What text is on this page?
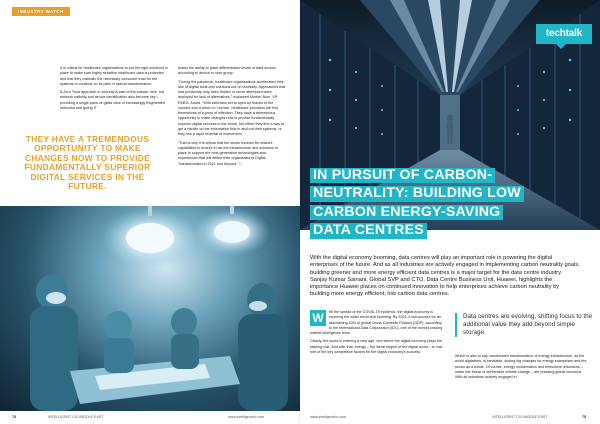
INDUSTRY WATCH

It is critical for healthcare organisations to put the right solutions in place to make sure highly sensitive healthcare data is protected and that they maintain the necessary consumer trust for the systems to continue on its path of radical transformation.

A Zero Trust approach to security is part of the answer here, but network visibility and device identification also become key – providing a single-pane-of-glass view of increasingly fragmented networks and giving IT

teams the ability to grant differentiated levels of data access according to device or user group.

“During the pandemic, healthcare organisations accelerated their use of digital tools and solutions out of necessity. Approaches that had previously only been trialled or never attempted were deployed for lack of alternatives,” explained Morten Illum, VP EMEA, Aruba. “With clinicians set to open up thanks to the vaccine and a return to ‘normal’, healthcare providers will find themselves at a point of inflection. They have a tremendous opportunity to make changes now to provide fundamentally superior digital services in the future, but either they find a way to get a handle on the information flow in and out their systems, or they risk a rapid reversal of momentum.

“That is why it is critical that the sector evolves its network capabilities to ensure it has the infrastructure and solutions in place to support the next-generation technologies and experiences that will define their organisation’s Digital Transformation in 2021 and beyond.” □

THEY HAVE A TREMENDOUS OPPORTUNITY TO MAKE CHANGES NOW TO PROVIDE FUNDAMENTALLY SUPERIOR DIGITAL SERVICES IN THE FUTURE.
74	INTELLIGENT CIO MIDDLE EAST	www.intelligentcio.com
techtalk
IN PURSUIT OF CARBON-
NEUTRALITY: BUILDING LOW
CARBON ENERGY-SAVING
DATA CENTRES
With the digital economy booming, data centres will play an important role in powering the digital enterprises of the future. And as all industries are actively engaged in implementing carbon neutrality goals, building greener and more energy efficient data centres is a major target for the data centre industry. Sanjay Kumar Sainani, Global SVP and CTO, Data Centre Business Unit, Huawei, highlights the importance Huawei places on continued innovation to help enterprises achieve carbon neutrality by building more energy efficient, low carbon data centres.

W	ith the spread of the COVID-19 epidemic, the digital economy is booming the wider trend and booming. By 2023, it will account for an astonishing 63% of global Gross Domestic Product (GDP), according to the International Data Corporation (IDC), one of the world’s leading market intelligence firms.

Clearly, the world is entering a new age, one where the digital economy plays the starring role. And with that, energy – the literal engine of the digital world – is now one of the key competitive factors for the digital economy’s success.

Data centres are evolving, shifting focus to the additional value they add beyond simple storage.

Which is also to say: accelerated transformation of energy infrastructure, as the world digitalises, is inevitable, driving big changes for energy enterprises and the sector as a whole. Of course, energy conservation and emissions reductions – under the threat of irreversible climate change – are pressing global concerns. With all industries actively engaged in

www.intelligentcio.com	INTELLIGENT CIO MIDDLE EAST	75
